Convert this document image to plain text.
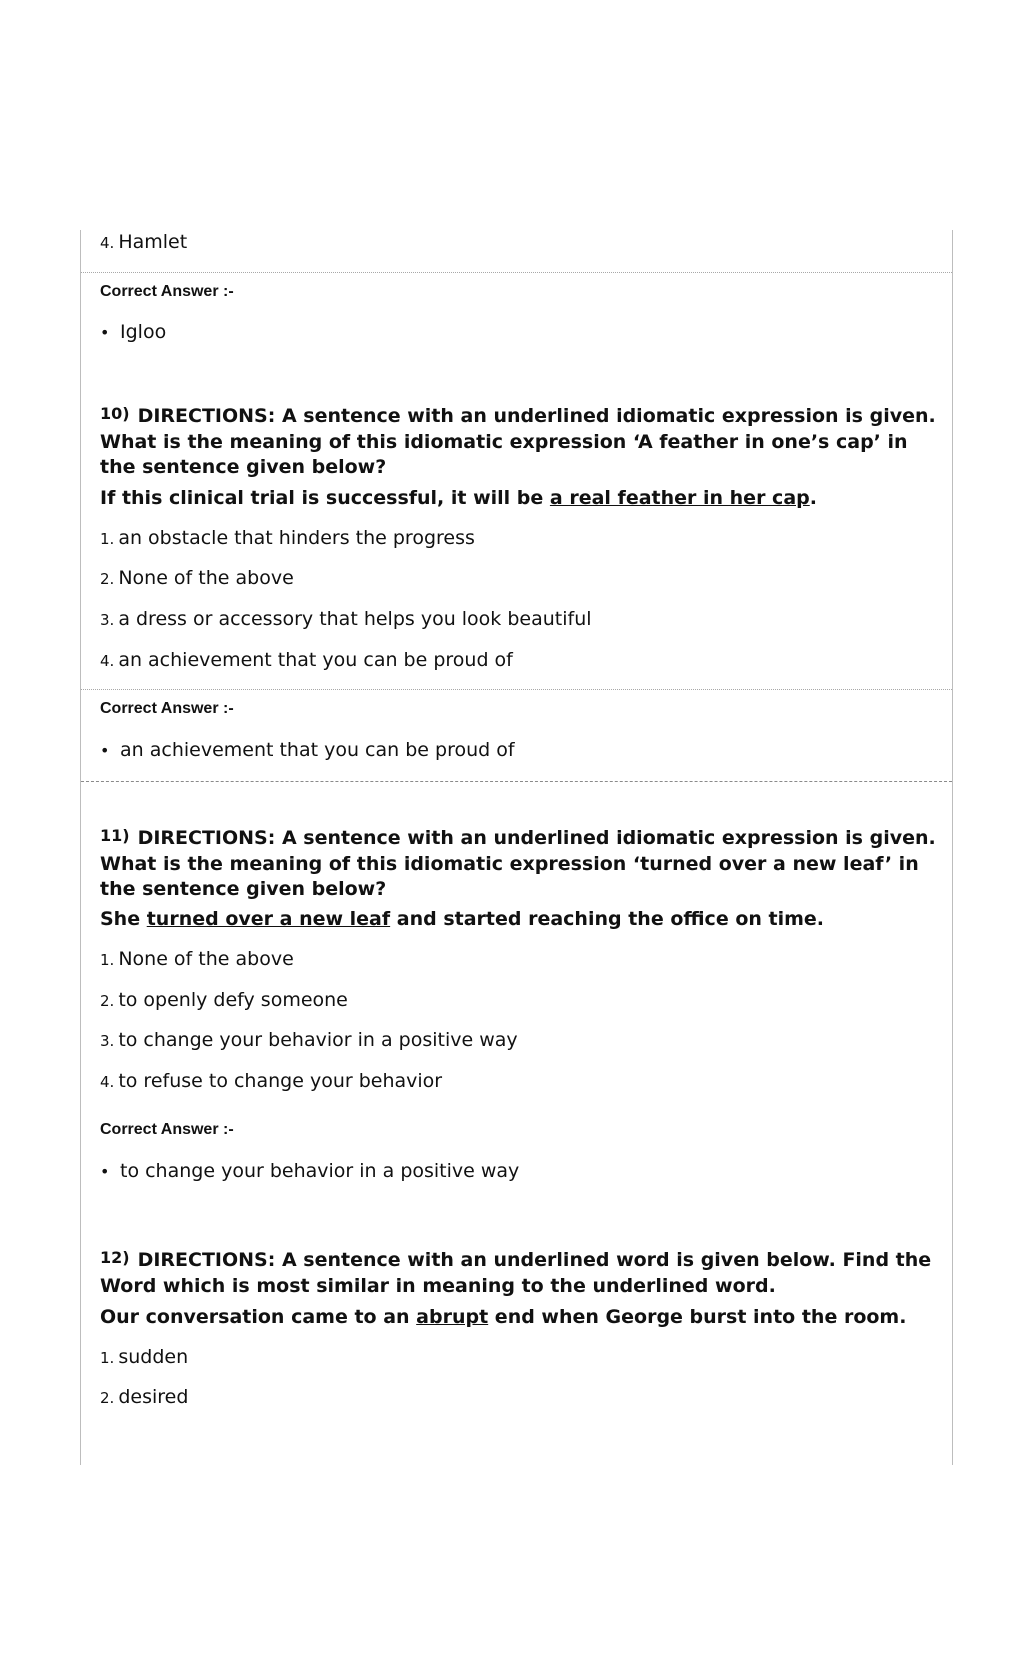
4. Hamlet
Correct Answer :-
• Igloo
10) DIRECTIONS: A sentence with an underlined idiomatic expression is given. What is the meaning of this idiomatic expression ‘A feather in one’s cap’ in the sentence given below?
If this clinical trial is successful, it will be a real feather in her cap.
1. an obstacle that hinders the progress
2. None of the above
3. a dress or accessory that helps you look beautiful
4. an achievement that you can be proud of
Correct Answer :-
• an achievement that you can be proud of
11) DIRECTIONS: A sentence with an underlined idiomatic expression is given. What is the meaning of this idiomatic expression ‘turned over a new leaf’ in the sentence given below?
She turned over a new leaf and started reaching the office on time.
1. None of the above
2. to openly defy someone
3. to change your behavior in a positive way
4. to refuse to change your behavior
Correct Answer :-
• to change your behavior in a positive way
12) DIRECTIONS: A sentence with an underlined word is given below. Find the Word which is most similar in meaning to the underlined word.
Our conversation came to an abrupt end when George burst into the room.
1. sudden
2. desired
